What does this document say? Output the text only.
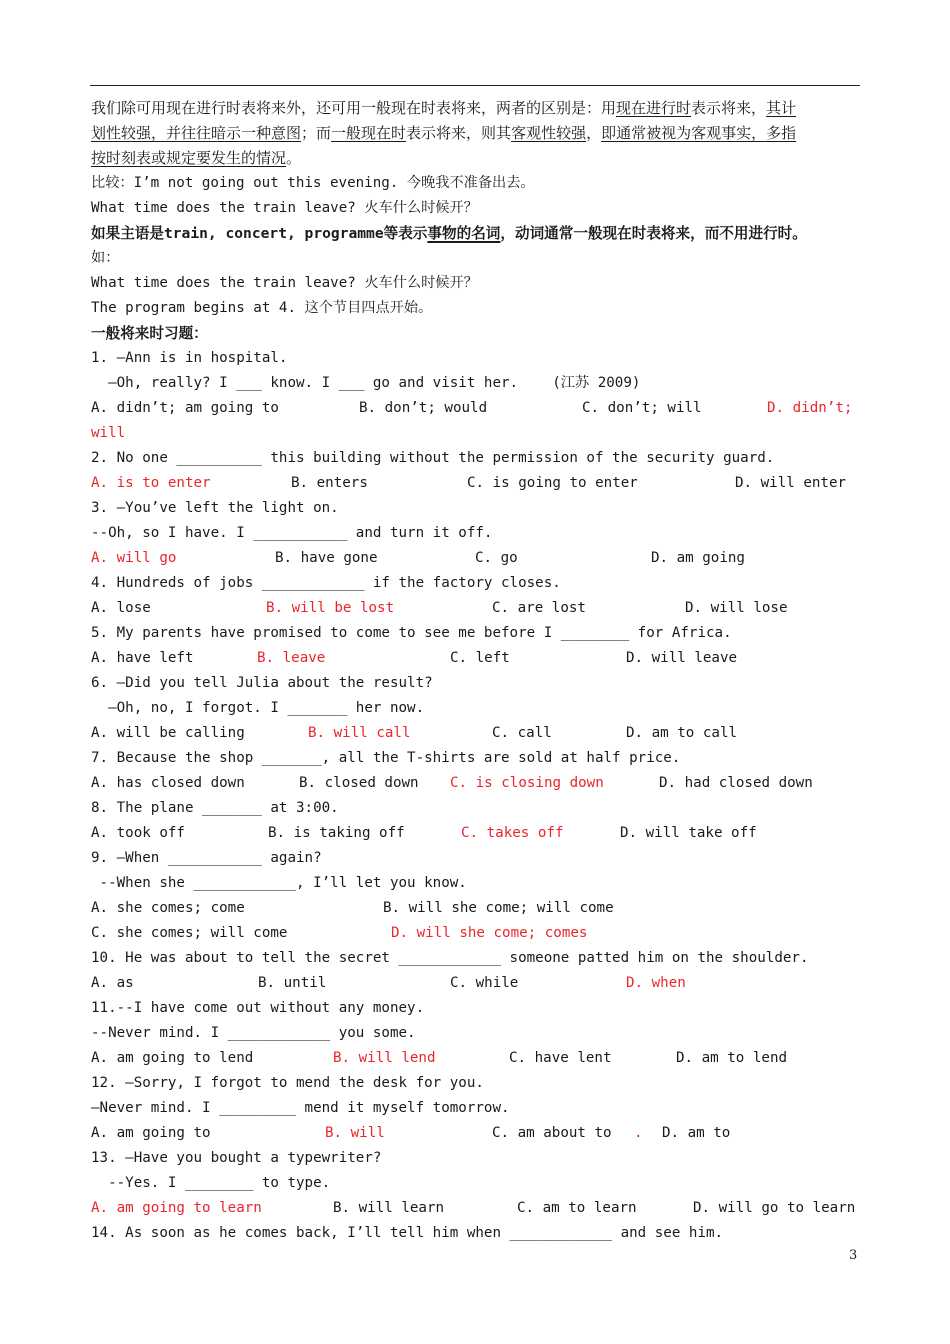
我们除可用现在进行时表将来外，还可用一般现在时表将来，两者的区别是：用现在进行时表示将来，其计
划性较强，并往往暗示一种意图；而一般现在时表示将来，则其客观性较强，即通常被视为客观事实，多指
按时刻表或规定要发生的情况。
比较：I’m not going out this evening. 今晚我不准备出去。
What time does the train leave? 火车什么时候开？
如果主语是train, concert, programme等表示事物的名词，动词通常一般现在时表将来，而不用进行时。
如：
What time does the train leave? 火车什么时候开？
The program begins at 4. 这个节目四点开始。
一般将来时习题：
1. —Ann is in hospital.
—Oh, really? I ___ know. I ___ go and visit her.    (江苏 2009)
A. didn’t; am going to	B. don’t; would	C. don’t; will	D. didn’t;
will
2. No one __________ this building without the permission of the security guard.
A. is to enter	B. enters	C. is going to enter	D. will enter
3. –You’ve left the light on.
--Oh, so I have. I ___________ and turn it off.
A. will go	B. have gone	C. go	D. am going
4. Hundreds of jobs ____________ if the factory closes.
A. lose	B. will be lost	C. are lost	D. will lose
5. My parents have promised to come to see me before I ________ for Africa.
A. have left	B. leave	C. left	D. will leave
6. —Did you tell Julia about the result?
—Oh, no, I forgot. I _______ her now.
A. will be calling	B. will call	C. call	D. am to call
7. Because the shop _______, all the T-shirts are sold at half price.
A. has closed down	B. closed down C. is closing down	D. had closed down
8. The plane _______ at 3:00.
A. took off	B. is taking off	C. takes off	D. will take off
9. –When ___________ again?
--When she ____________, I’ll let you know.
A. she comes; come	B. will she come; will come
C. she comes; will come	D. will she come; comes
10. He was about to tell the secret ____________ someone patted him on the shoulder.
A. as	B. until	C. while	D. when
11.--I have come out without any money.
--Never mind. I ____________ you some.
A. am going to lend	B. will lend	C. have lent	D. am to lend
12. –Sorry, I forgot to mend the desk for you.
—Never mind. I _________ mend it myself tomorrow.
A. am going to	B. will	C. am about to . D. am to
13. –Have you bought a typewriter?
--Yes. I ________ to type.
A. am going to learn	B. will learn	C. am to learn	D. will go to learn
14. As soon as he comes back, I’ll tell him when ____________ and see him.
3
